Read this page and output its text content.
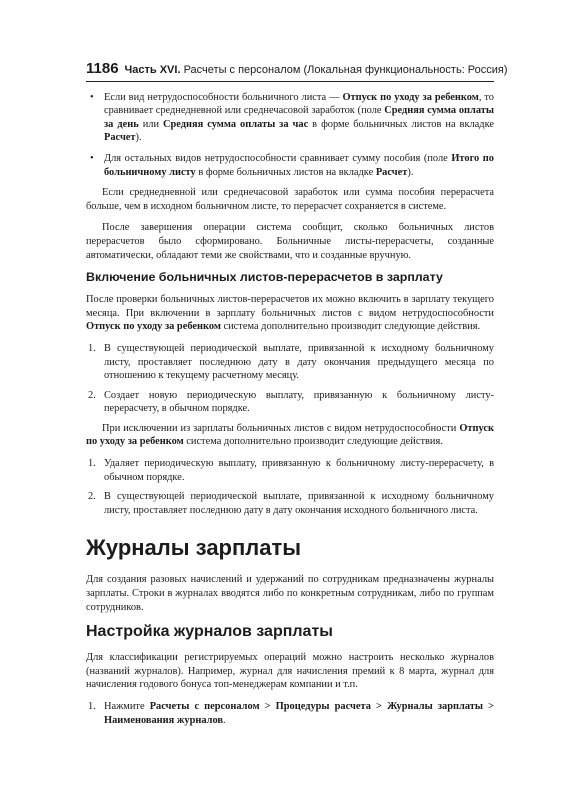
1186 Часть XVI. Расчеты с персоналом (Локальная функциональность: Россия)
• Если вид нетрудоспособности больничного листа — Отпуск по уходу за ребенком, то сравнивает среднедневной или среднечасовой заработок (поле Средняя сумма оплаты за день или Средняя сумма оплаты за час в форме больничных листов на вкладке Расчет).
• Для остальных видов нетрудоспособности сравнивает сумму пособия (поле Итого по больничному листу в форме больничных листов на вкладке Расчет).

Если среднедневной или среднечасовой заработок или сумма пособия перерасчета больше, чем в исходном больничном листе, то перерасчет сохраняется в системе.

После завершения операции система сообщит, сколько больничных листов перерасчетов было сформировано. Больничные листы-перерасчеты, созданные автоматически, обладают теми же свойствами, что и созданные вручную.

Включение больничных листов-перерасчетов в зарплату

После проверки больничных листов-перерасчетов их можно включить в зарплату текущего месяца. При включении в зарплату больничных листов с видом нетрудоспособности Отпуск по уходу за ребенком система дополнительно производит следующие действия.

1. В существующей периодической выплате, привязанной к исходному больничному листу, проставляет последнюю дату в дату окончания предыдущего месяца по отношению к текущему расчетному месяцу.
2. Создает новую периодическую выплату, привязанную к больничному листу-перерасчету, в обычном порядке.

При исключении из зарплаты больничных листов с видом нетрудоспособности Отпуск по уходу за ребенком система дополнительно производит следующие действия.

1. Удаляет периодическую выплату, привязанную к больничному листу-перерасчету, в обычном порядке.
2. В существующей периодической выплате, привязанной к исходному больничному листу, проставляет последнюю дату в дату окончания исходного больничного листа.
Журналы зарплаты

Для создания разовых начислений и удержаний по сотрудникам предназначены журналы зарплаты. Строки в журналах вводятся либо по конкретным сотрудникам, либо по группам сотрудников.

Настройка журналов зарплаты

Для классификации регистрируемых операций можно настроить несколько журналов (названий журналов). Например, журнал для начисления премий к 8 марта, журнал для начисления годового бонуса топ-менеджерам компании и т.п.

1. Нажмите Расчеты с персоналом > Процедуры расчета > Журналы зарплаты > Наименования журналов.
